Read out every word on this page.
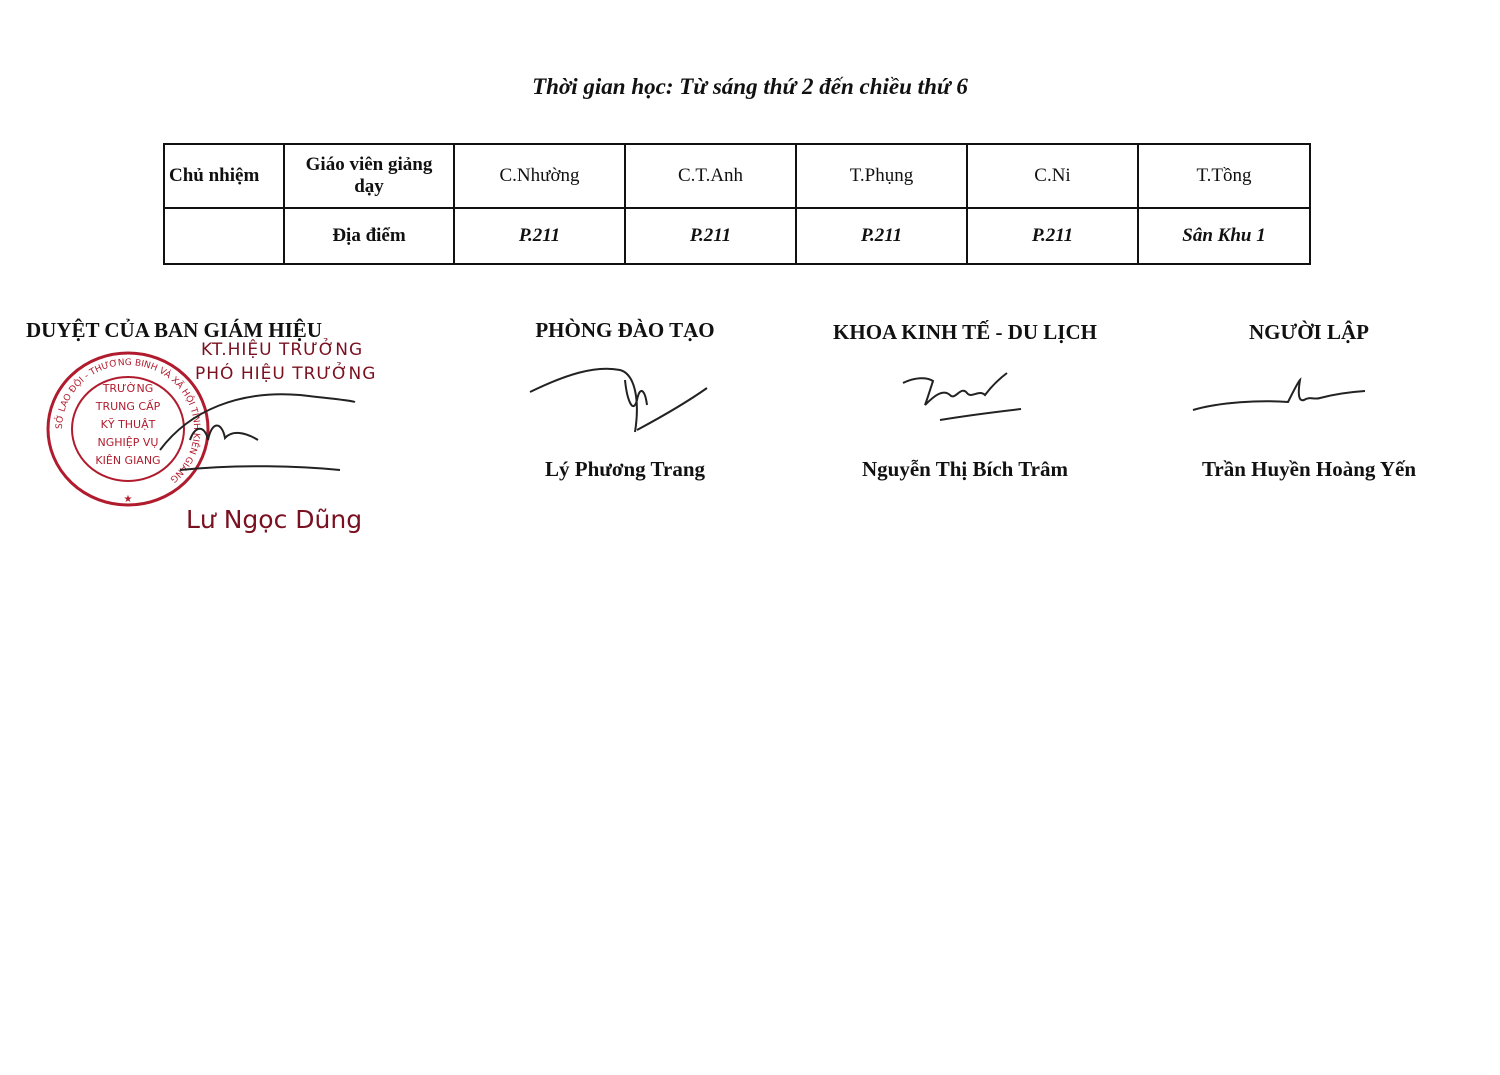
Thời gian học: Từ sáng thứ 2 đến chiều thứ 6
Chủ nhiệm	Giáo viên giảng dạy	C.Nhường	C.T.Anh	T.Phụng	C.Ni	T.Tồng
	Địa điểm	P.211	P.211	P.211	P.211	Sân Khu 1
DUYỆT CỦA BAN GIÁM HIỆU
KT.HIỆU TRƯỞNG
PHÓ HIỆU TRƯỞNG
SỞ LAO ĐỘI - THƯƠNG BINH VÀ XÃ HỘI TỈNH KIÊN GIANG
TRƯỜNG
TRUNG CẤP
KỸ THUẬT
NGHIỆP VỤ
KIÊN GIANG
★
Lư Ngọc Dũng
PHÒNG ĐÀO TẠO
Lý Phương Trang
KHOA KINH TẾ - DU LỊCH
Nguyễn Thị Bích Trâm
NGƯỜI LẬP
Trần Huyền Hoàng Yến
